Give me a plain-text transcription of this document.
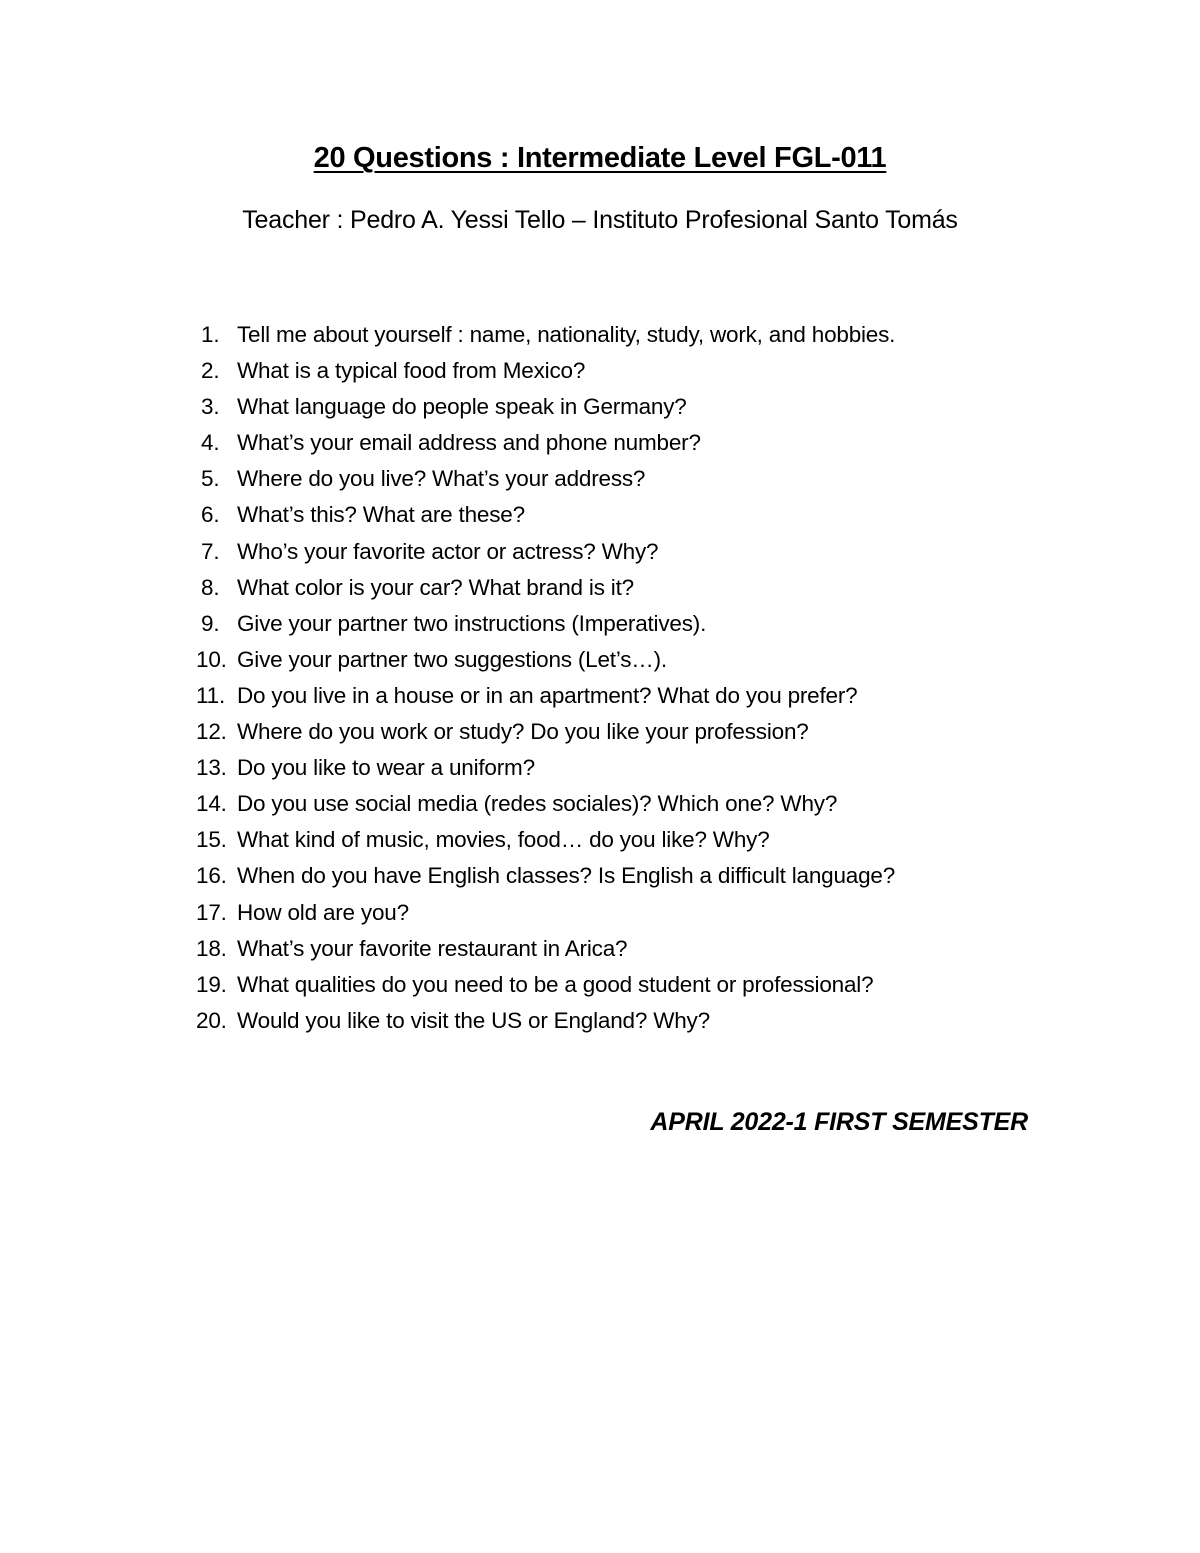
20 Questions : Intermediate Level FGL-011
Teacher : Pedro A. Yessi Tello – Instituto Profesional Santo Tomás
1. Tell me about yourself : name, nationality, study, work, and hobbies.
2. What is a typical food from Mexico?
3. What language do people speak in Germany?
4. What’s your email address and phone number?
5. Where do you live? What’s your address?
6. What’s this? What are these?
7. Who’s your favorite actor or actress? Why?
8. What color is your car? What brand is it?
9. Give your partner two instructions (Imperatives).
10. Give your partner two suggestions (Let’s…).
11. Do you live in a house or in an apartment? What do you prefer?
12. Where do you work or study? Do you like your profession?
13. Do you like to wear a uniform?
14. Do you use social media (redes sociales)? Which one? Why?
15. What kind of music, movies, food… do you like? Why?
16. When do you have English classes? Is English a difficult language?
17. How old are you?
18. What’s your favorite restaurant in Arica?
19. What qualities do you need to be a good student or professional?
20. Would you like to visit the US or England? Why?
APRIL 2022-1 FIRST SEMESTER
